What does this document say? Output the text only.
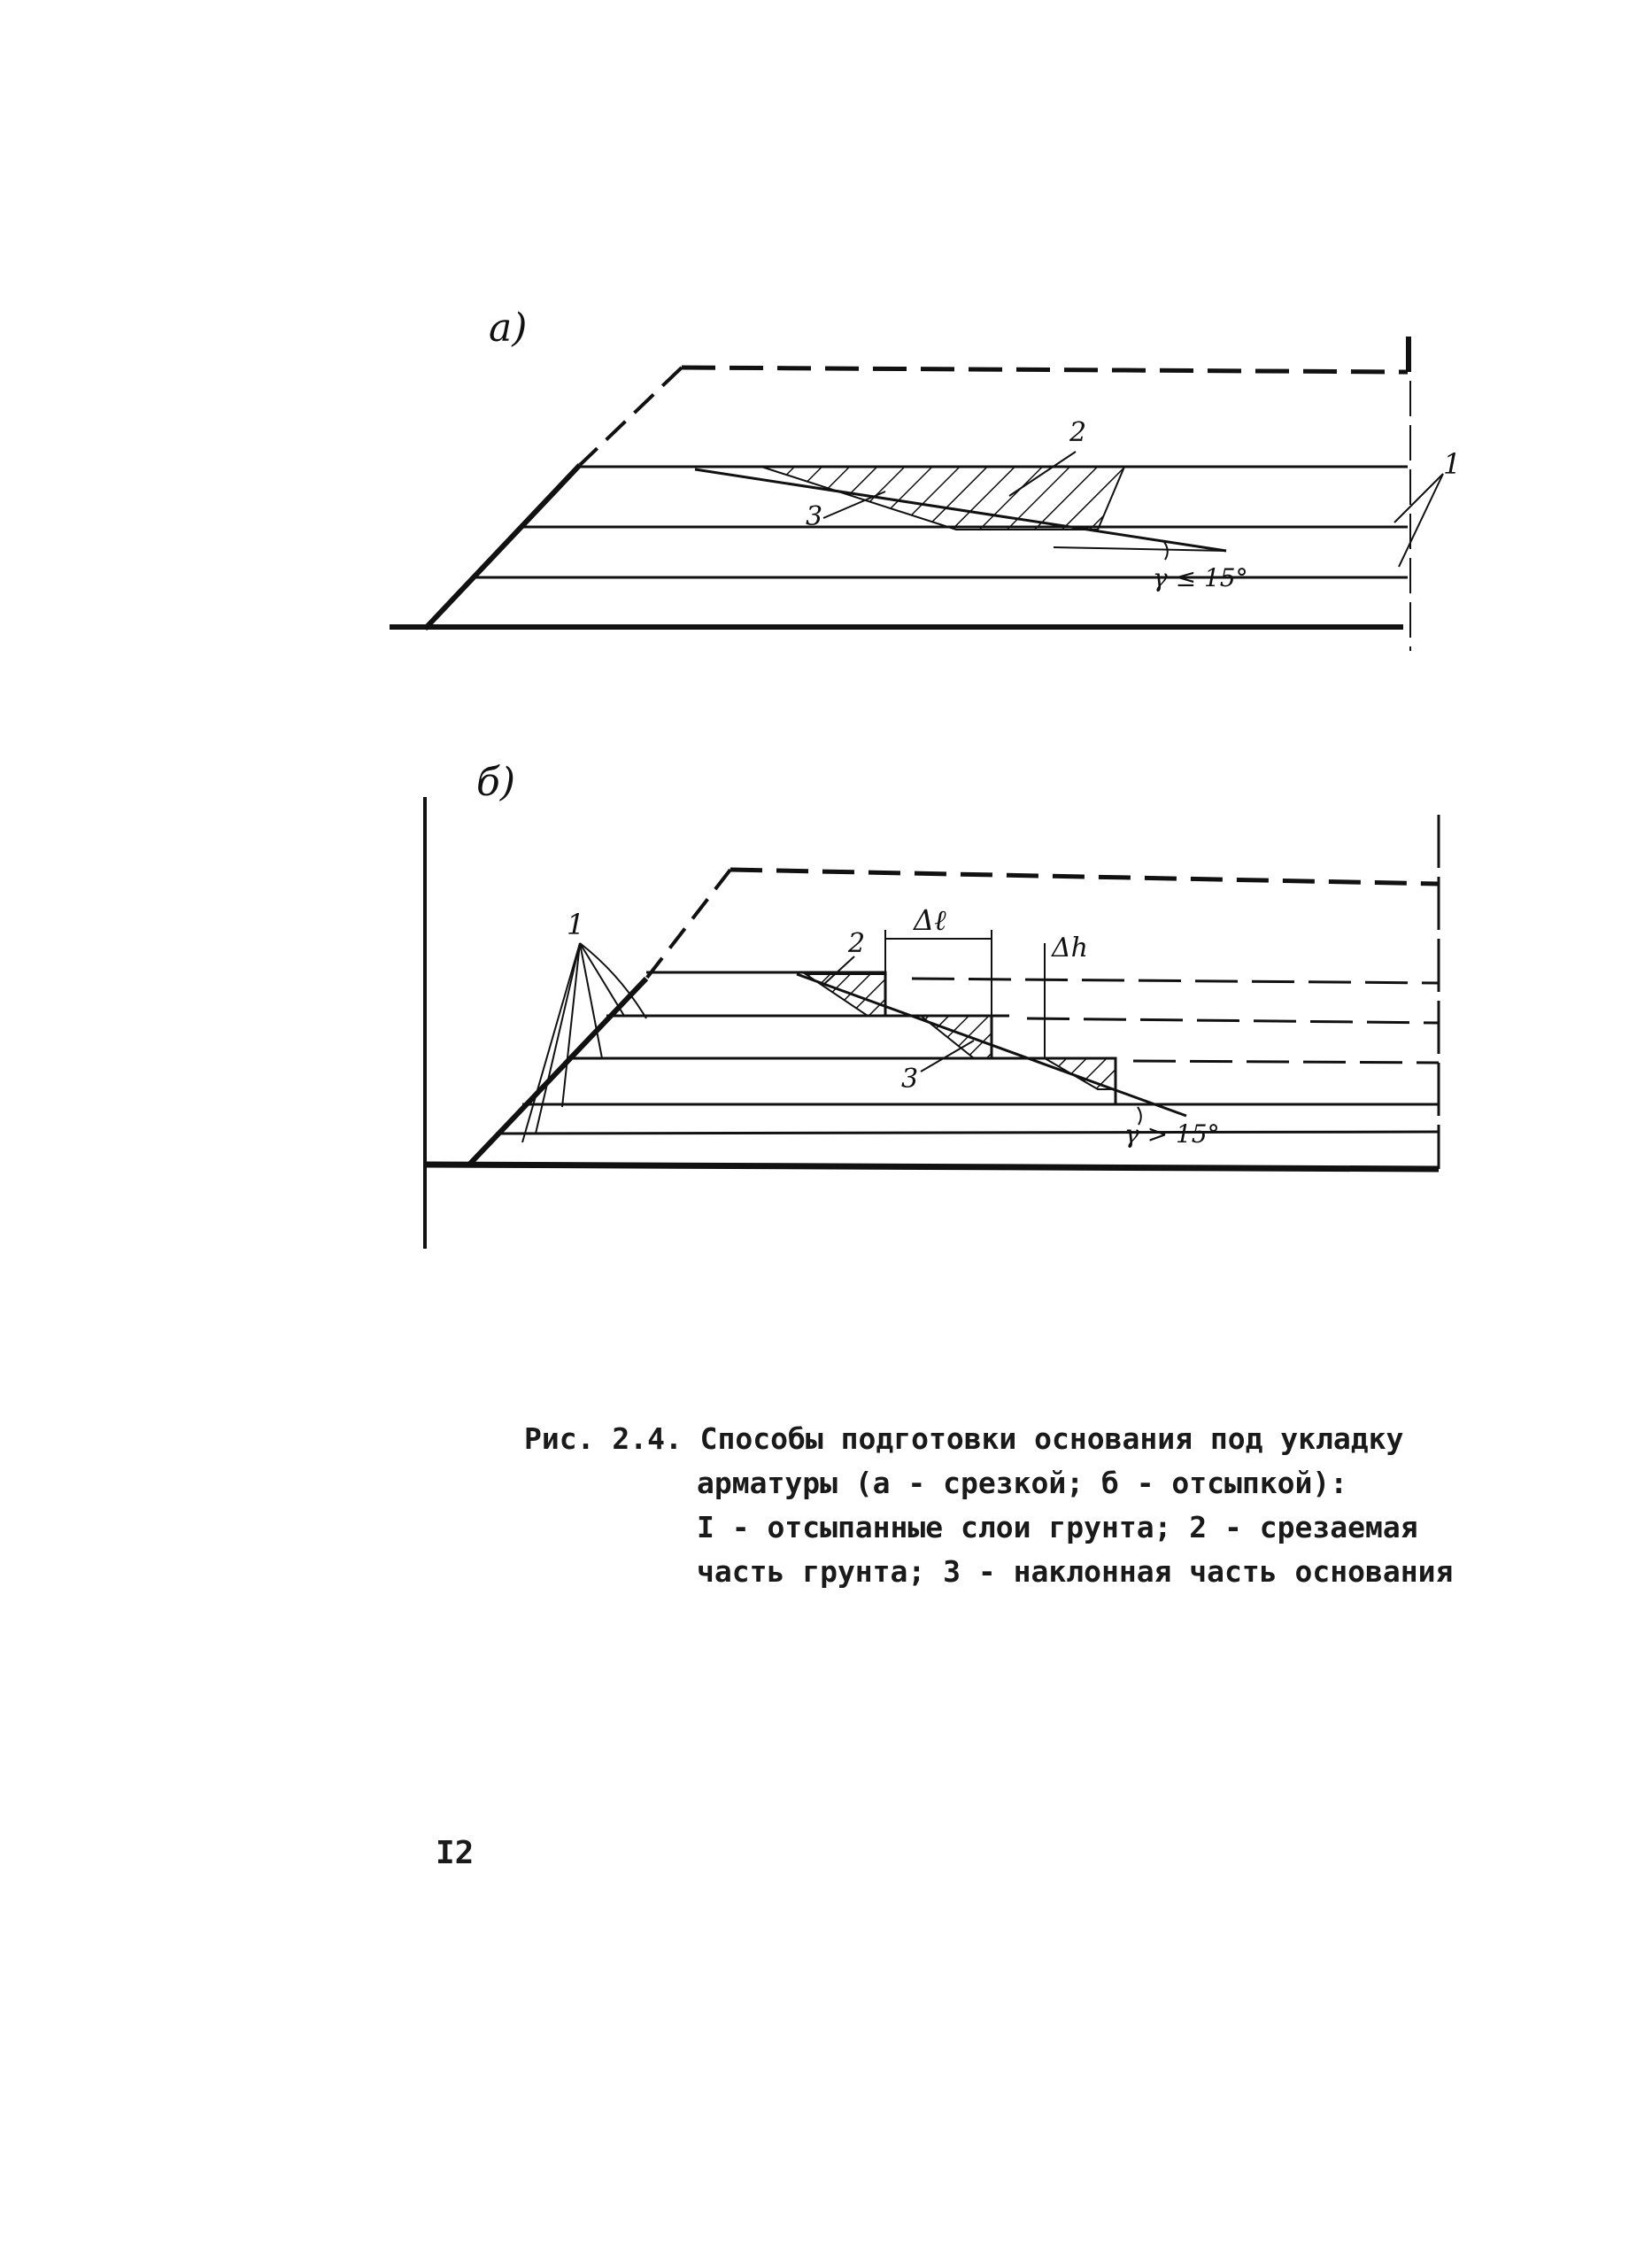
а)
2
3
1
γ ≤ 15°
б)
1
2
3
Δℓ
Δh
γ > 15°
Рис. 2.4. Способы подготовки основания под укладку
арматуры (а - срезкой; б - отсыпкой):
I - отсыпанные слои грунта; 2 - срезаемая
часть грунта; 3 - наклонная часть основания
I2
